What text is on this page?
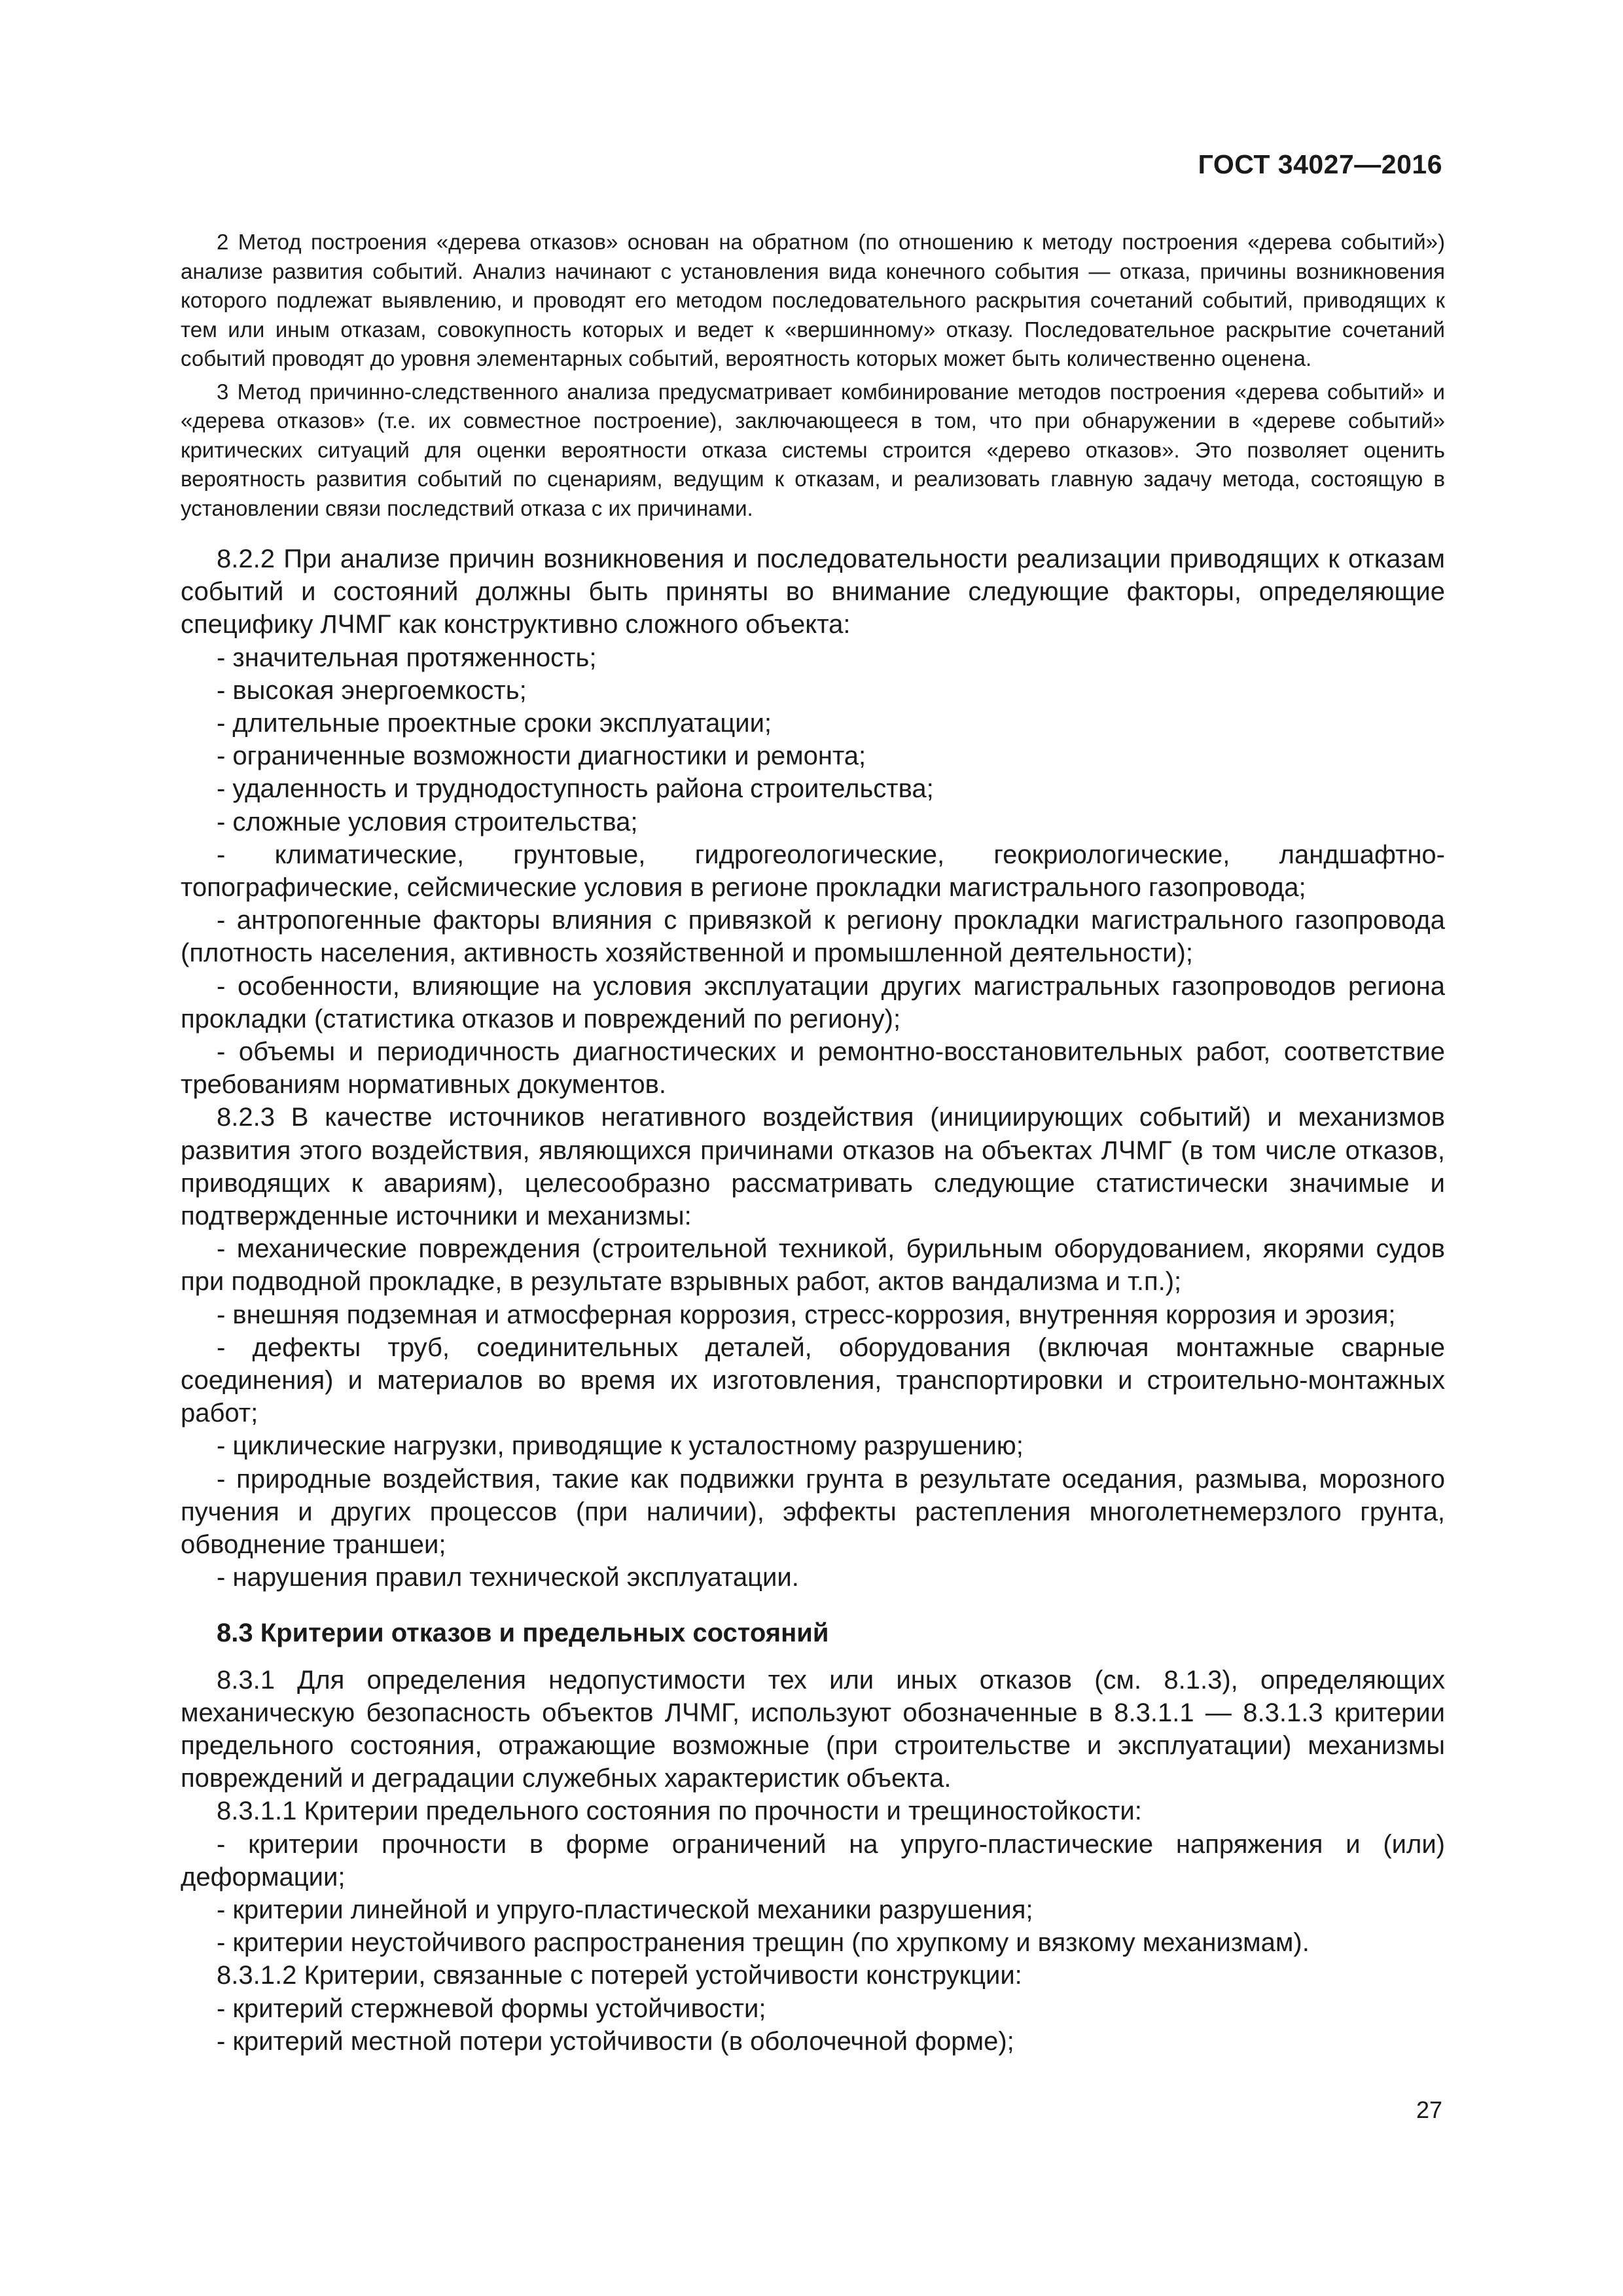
ГОСТ 34027—2016

2 Метод построения «дерева отказов» основан на обратном (по отношению к методу построения «дерева событий») анализе развития событий. Анализ начинают с установления вида конечного события — отказа, причины возникновения которого подлежат выявлению, и проводят его методом последовательного раскрытия сочетаний событий, приводящих к тем или иным отказам, совокупность которых и ведет к «вершинному» отказу. Последовательное раскрытие сочетаний событий проводят до уровня элементарных событий, вероятность которых может быть количественно оценена.

3 Метод причинно-следственного анализа предусматривает комбинирование методов построения «дерева событий» и «дерева отказов» (т.е. их совместное построение), заключающееся в том, что при обнаружении в «дереве событий» критических ситуаций для оценки вероятности отказа системы строится «дерево отказов». Это позволяет оценить вероятность развития событий по сценариям, ведущим к отказам, и реализовать главную задачу метода, состоящую в установлении связи последствий отказа с их причинами.

8.2.2 При анализе причин возникновения и последовательности реализации приводящих к отказам событий и состояний должны быть приняты во внимание следующие факторы, определяющие специфику ЛЧМГ как конструктивно сложного объекта:

- значительная протяженность;

- высокая энергоемкость;

- длительные проектные сроки эксплуатации;

- ограниченные возможности диагностики и ремонта;

- удаленность и труднодоступность района строительства;

- сложные условия строительства;

- климатические, грунтовые, гидрогеологические, геокриологические, ландшафтно-топографические, сейсмические условия в регионе прокладки магистрального газопровода;

- антропогенные факторы влияния с привязкой к региону прокладки магистрального газопровода (плотность населения, активность хозяйственной и промышленной деятельности);

- особенности, влияющие на условия эксплуатации других магистральных газопроводов региона прокладки (статистика отказов и повреждений по региону);

- объемы и периодичность диагностических и ремонтно-восстановительных работ, соответствие требованиям нормативных документов.

8.2.3 В качестве источников негативного воздействия (инициирующих событий) и механизмов развития этого воздействия, являющихся причинами отказов на объектах ЛЧМГ (в том числе отказов, приводящих к авариям), целесообразно рассматривать следующие статистически значимые и подтвержденные источники и механизмы:

- механические повреждения (строительной техникой, бурильным оборудованием, якорями судов при подводной прокладке, в результате взрывных работ, актов вандализма и т.п.);

- внешняя подземная и атмосферная коррозия, стресс-коррозия, внутренняя коррозия и эрозия;

- дефекты труб, соединительных деталей, оборудования (включая монтажные сварные соединения) и материалов во время их изготовления, транспортировки и строительно-монтажных работ;

- циклические нагрузки, приводящие к усталостному разрушению;

- природные воздействия, такие как подвижки грунта в результате оседания, размыва, морозного пучения и других процессов (при наличии), эффекты растепления многолетнемерзлого грунта, обводнение траншеи;

- нарушения правил технической эксплуатации.

8.3 Критерии отказов и предельных состояний

8.3.1 Для определения недопустимости тех или иных отказов (см. 8.1.3), определяющих механическую безопасность объектов ЛЧМГ, используют обозначенные в 8.3.1.1 — 8.3.1.3 критерии предельного состояния, отражающие возможные (при строительстве и эксплуатации) механизмы повреждений и деградации служебных характеристик объекта.

8.3.1.1 Критерии предельного состояния по прочности и трещиностойкости:

- критерии прочности в форме ограничений на упруго-пластические напряжения и (или) деформации;

- критерии линейной и упруго-пластической механики разрушения;

- критерии неустойчивого распространения трещин (по хрупкому и вязкому механизмам).

8.3.1.2 Критерии, связанные с потерей устойчивости конструкции:

- критерий стержневой формы устойчивости;

- критерий местной потери устойчивости (в оболочечной форме);

27
